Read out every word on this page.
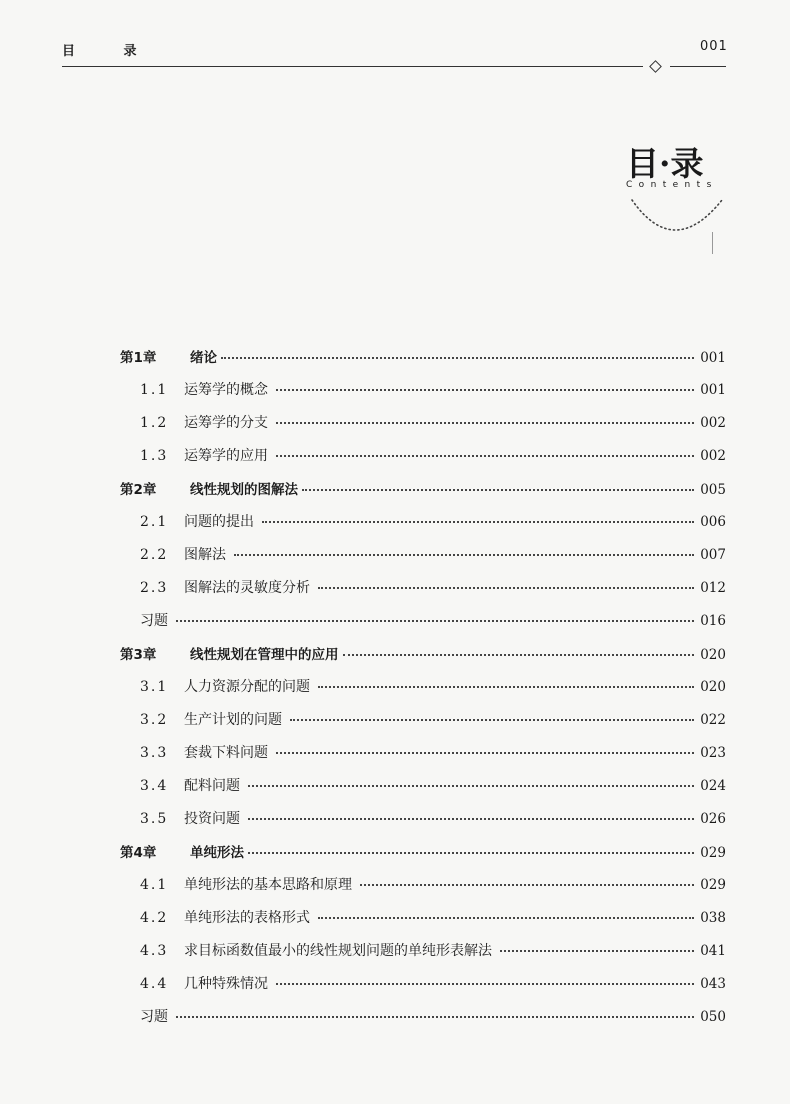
目 录	001
目·录
Contents
第1章	绪论	001
1.1	运筹学的概念	001
1.2	运筹学的分支	002
1.3	运筹学的应用	002
第2章	线性规划的图解法	005
2.1	问题的提出	006
2.2	图解法	007
2.3	图解法的灵敏度分析	012
习题	016
第3章	线性规划在管理中的应用	020
3.1	人力资源分配的问题	020
3.2	生产计划的问题	022
3.3	套裁下料问题	023
3.4	配料问题	024
3.5	投资问题	026
第4章	单纯形法	029
4.1	单纯形法的基本思路和原理	029
4.2	单纯形法的表格形式	038
4.3	求目标函数值最小的线性规划问题的单纯形表解法	041
4.4	几种特殊情况	043
习题	050
